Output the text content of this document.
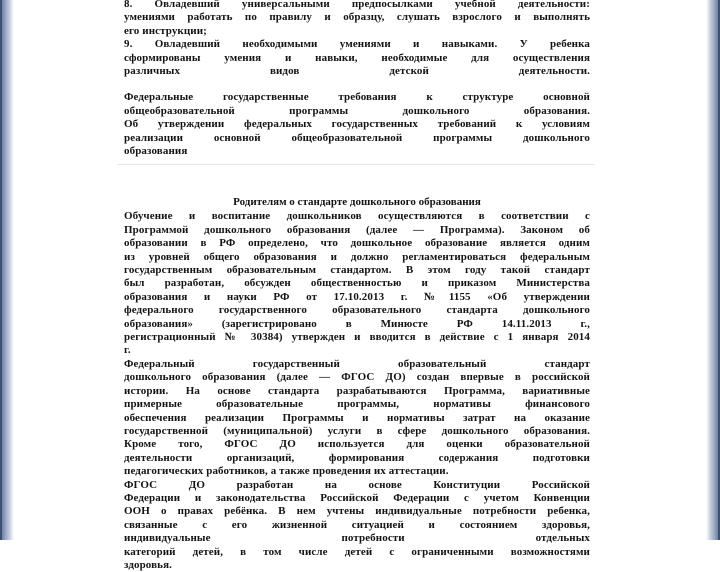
8. Овладевший универсальными предпосылками учебной деятельности:

умениями работать по правилу и образцу, слушать взрослого и выполнять

его инструкции;

9. Овладевший необходимыми умениями и навыками. У ребенка

сформированы умения и навыки, необходимые для осуществления

различных видов детской деятельности.

Федеральные государственные требования к структуре основной

общеобразовательной программы дошкольного образования.

Об утверждении федеральных государственных требований к условиям

реализации основной общеобразовательной программы дошкольного

образования

Родителям о стандарте дошкольного образования

Обучение и воспитание дошкольников осуществляются в соответствии с

Программой дошкольного образования (далее — Программа). Законом об

образовании в РФ определено, что дошкольное образование является одним

из уровней общего образования и должно регламентироваться федеральным

государственным образовательным стандартом. В этом году такой стандарт

был разработан, обсужден общественностью и приказом Министерства

образования и науки РФ от 17.10.2013 г. №1155 «Об утверждении

федерального государственного образовательного стандарта дошкольного

образования» (зарегистрировано в Минюсте РФ 14.11.2013 г.,

регистрационный № 30384) утвержден и вводится в действие с 1 января 2014

г.

Федеральный государственный образовательный стандарт

дошкольного образования (далее — ФГОС ДО) создан впервые в российской

истории. На основе стандарта разрабатываются Программа, вариативные

примерные образовательные программы, нормативы финансового

обеспечения реализации Программы и нормативы затрат на оказание

государственной (муниципальной) услуги в сфере дошкольного образования.

Кроме того, ФГОС ДО используется для оценки образовательной

деятельности организаций, формирования содержания подготовки

педагогических работников, а также проведения их аттестации.

ФГОС ДО разработан на основе Конституции Российской

Федерации и законодательства Российской Федерации с учетом Конвенции

ООН о правах ребёнка. В нем учтены индивидуальные потребности ребенка,

связанные с его жизненной ситуацией и состоянием здоровья,

индивидуальные потребности отдельных

категорий детей, в том числе детей с ограниченными возможностями

здоровья.
